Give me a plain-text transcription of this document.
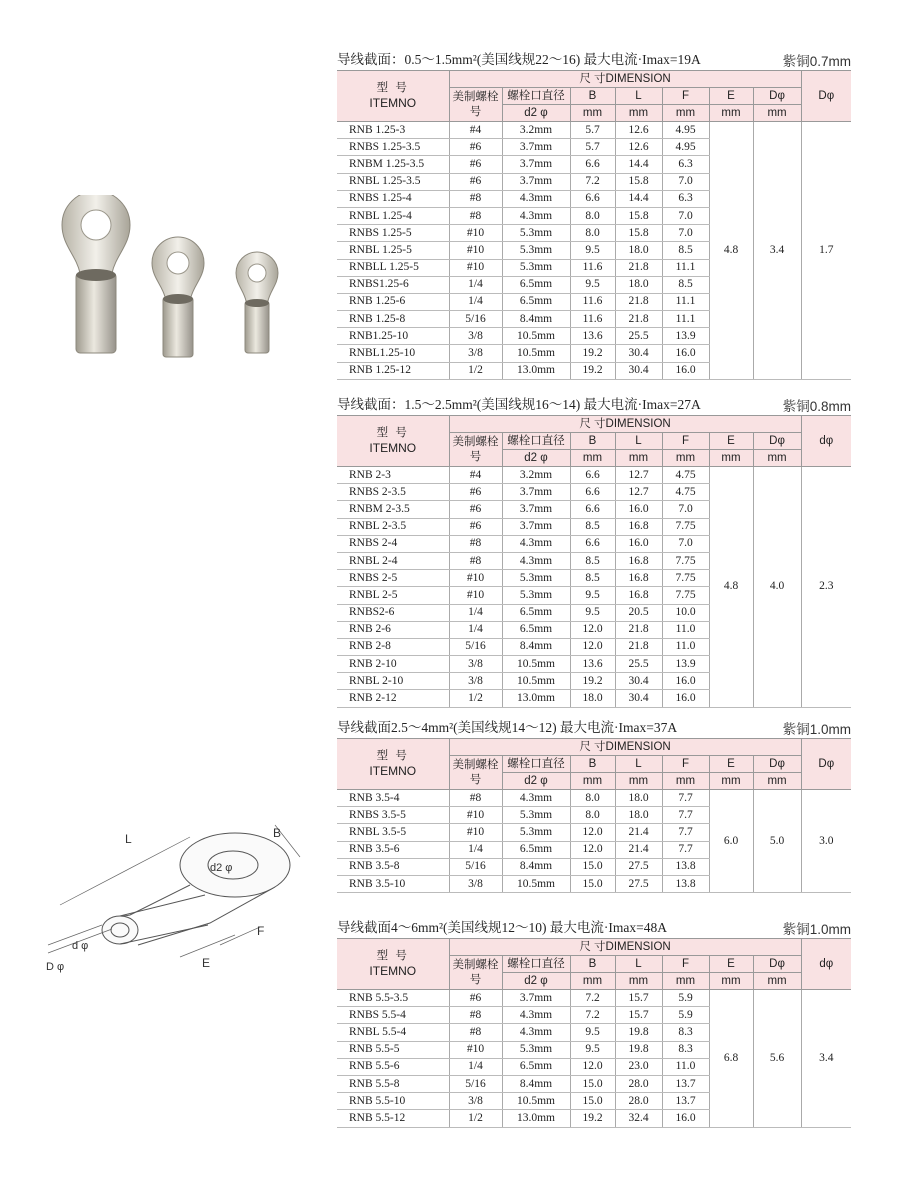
L	B
d2 φ
F
E
d φ
D φ
导线截面：0.5～1.5mm²(美国线规22～16) 最大电流·Imax=19A	紫铜0.7mm
型 号
ITEMNO	尺 寸DIMENSION							Dφ
	美制螺栓号	螺栓口直径	B	L	F	E	Dφ	
		d2 φ	mm	mm	mm	mm	mm	
RNB 1.25-3	#4	3.2mm	5.7	12.6	4.95	4.8	3.4	1.7
RNBS 1.25-3.5	#6	3.7mm	5.7	12.6	4.95			
RNBM 1.25-3.5	#6	3.7mm	6.6	14.4	6.3			
RNBL 1.25-3.5	#6	3.7mm	7.2	15.8	7.0			
RNBS 1.25-4	#8	4.3mm	6.6	14.4	6.3			
RNBL 1.25-4	#8	4.3mm	8.0	15.8	7.0			
RNBS 1.25-5	#10	5.3mm	8.0	15.8	7.0			
RNBL 1.25-5	#10	5.3mm	9.5	18.0	8.5			
RNBLL 1.25-5	#10	5.3mm	11.6	21.8	11.1			
RNBS1.25-6	1/4	6.5mm	9.5	18.0	8.5			
RNB 1.25-6	1/4	6.5mm	11.6	21.8	11.1			
RNB 1.25-8	5/16	8.4mm	11.6	21.8	11.1			
RNB1.25-10	3/8	10.5mm	13.6	25.5	13.9			
RNBL1.25-10	3/8	10.5mm	19.2	30.4	16.0			
RNB 1.25-12	1/2	13.0mm	19.2	30.4	16.0			
导线截面：1.5～2.5mm²(美国线规16～14) 最大电流·Imax=27A	紫铜0.8mm
型 号
ITEMNO	尺 寸DIMENSION							dφ
	美制螺栓号	螺栓口直径	B	L	F	E	Dφ	
		d2 φ	mm	mm	mm	mm	mm	
RNB 2-3	#4	3.2mm	6.6	12.7	4.75	4.8	4.0	2.3
RNBS 2-3.5	#6	3.7mm	6.6	12.7	4.75			
RNBM 2-3.5	#6	3.7mm	6.6	16.0	7.0			
RNBL 2-3.5	#6	3.7mm	8.5	16.8	7.75			
RNBS 2-4	#8	4.3mm	6.6	16.0	7.0			
RNBL 2-4	#8	4.3mm	8.5	16.8	7.75			
RNBS 2-5	#10	5.3mm	8.5	16.8	7.75			
RNBL 2-5	#10	5.3mm	9.5	16.8	7.75			
RNBS2-6	1/4	6.5mm	9.5	20.5	10.0			
RNB 2-6	1/4	6.5mm	12.0	21.8	11.0			
RNB 2-8	5/16	8.4mm	12.0	21.8	11.0			
RNB 2-10	3/8	10.5mm	13.6	25.5	13.9			
RNBL 2-10	3/8	10.5mm	19.2	30.4	16.0			
RNB 2-12	1/2	13.0mm	18.0	30.4	16.0			
导线截面2.5～4mm²(美国线规14～12) 最大电流·Imax=37A	紫铜1.0mm
型 号
ITEMNO	尺 寸DIMENSION							Dφ
	美制螺栓号	螺栓口直径	B	L	F	E	Dφ	
		d2 φ	mm	mm	mm	mm	mm	
RNB 3.5-4	#8	4.3mm	8.0	18.0	7.7	6.0	5.0	3.0
RNBS 3.5-5	#10	5.3mm	8.0	18.0	7.7			
RNBL 3.5-5	#10	5.3mm	12.0	21.4	7.7			
RNB 3.5-6	1/4	6.5mm	12.0	21.4	7.7			
RNB 3.5-8	5/16	8.4mm	15.0	27.5	13.8			
RNB 3.5-10	3/8	10.5mm	15.0	27.5	13.8			
导线截面4～6mm²(美国线规12～10) 最大电流·Imax=48A	紫铜1.0mm
型 号
ITEMNO	尺 寸DIMENSION							dφ
	美制螺栓号	螺栓口直径	B	L	F	E	Dφ	
		d2 φ	mm	mm	mm	mm	mm	
RNB 5.5-3.5	#6	3.7mm	7.2	15.7	5.9	6.8	5.6	3.4
RNBS 5.5-4	#8	4.3mm	7.2	15.7	5.9			
RNBL 5.5-4	#8	4.3mm	9.5	19.8	8.3			
RNB 5.5-5	#10	5.3mm	9.5	19.8	8.3			
RNB 5.5-6	1/4	6.5mm	12.0	23.0	11.0			
RNB 5.5-8	5/16	8.4mm	15.0	28.0	13.7			
RNB 5.5-10	3/8	10.5mm	15.0	28.0	13.7			
RNB 5.5-12	1/2	13.0mm	19.2	32.4	16.0			
